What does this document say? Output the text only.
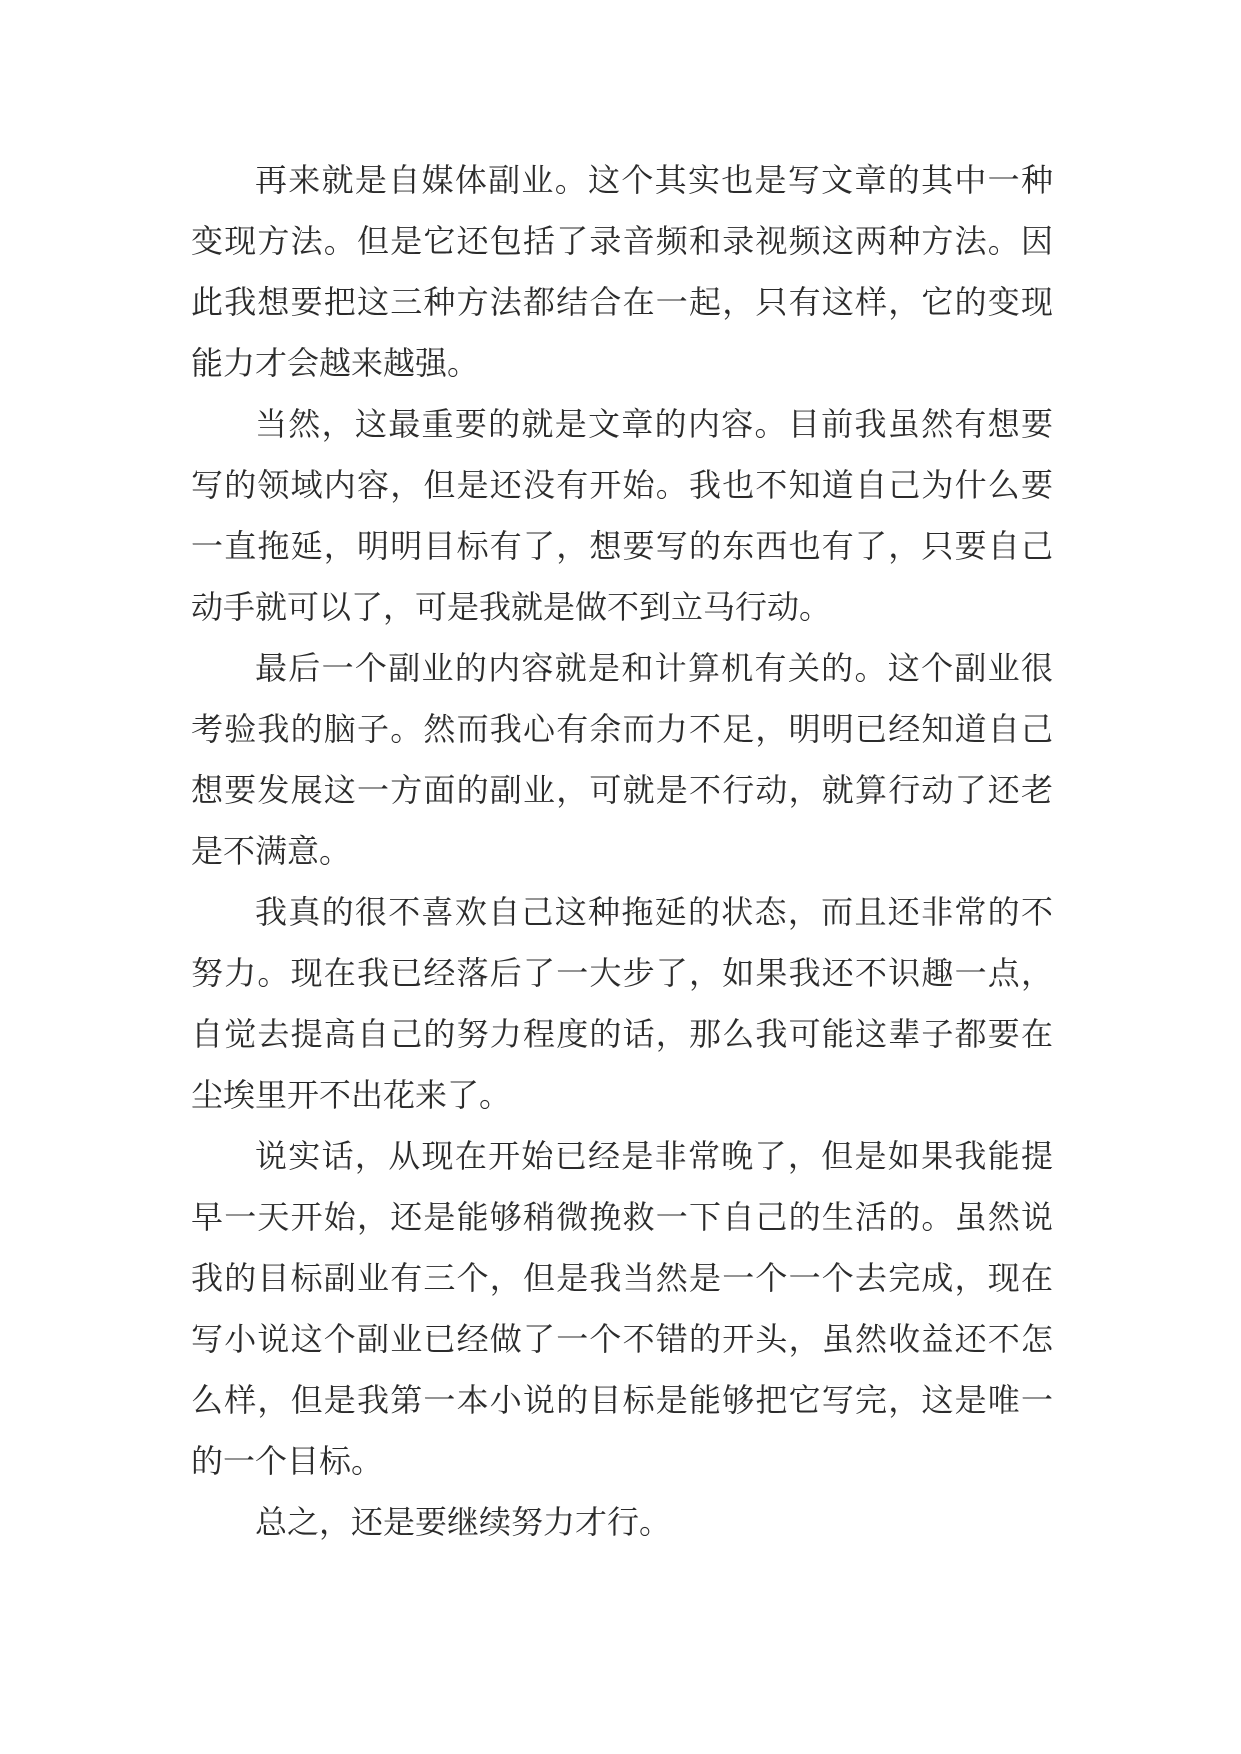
再来就是自媒体副业。这个其实也是写文章的其中一种
变现方法。但是它还包括了录音频和录视频这两种方法。因
此我想要把这三种方法都结合在一起，只有这样，它的变现
能力才会越来越强。
当然，这最重要的就是文章的内容。目前我虽然有想要
写的领域内容，但是还没有开始。我也不知道自己为什么要
一直拖延，明明目标有了，想要写的东西也有了，只要自己
动手就可以了，可是我就是做不到立马行动。
最后一个副业的内容就是和计算机有关的。这个副业很
考验我的脑子。然而我心有余而力不足，明明已经知道自己
想要发展这一方面的副业，可就是不行动，就算行动了还老
是不满意。
我真的很不喜欢自己这种拖延的状态，而且还非常的不
努力。现在我已经落后了一大步了，如果我还不识趣一点，
自觉去提高自己的努力程度的话，那么我可能这辈子都要在
尘埃里开不出花来了。
说实话，从现在开始已经是非常晚了，但是如果我能提
早一天开始，还是能够稍微挽救一下自己的生活的。虽然说
我的目标副业有三个，但是我当然是一个一个去完成，现在
写小说这个副业已经做了一个不错的开头，虽然收益还不怎
么样，但是我第一本小说的目标是能够把它写完，这是唯一
的一个目标。
总之，还是要继续努力才行。
